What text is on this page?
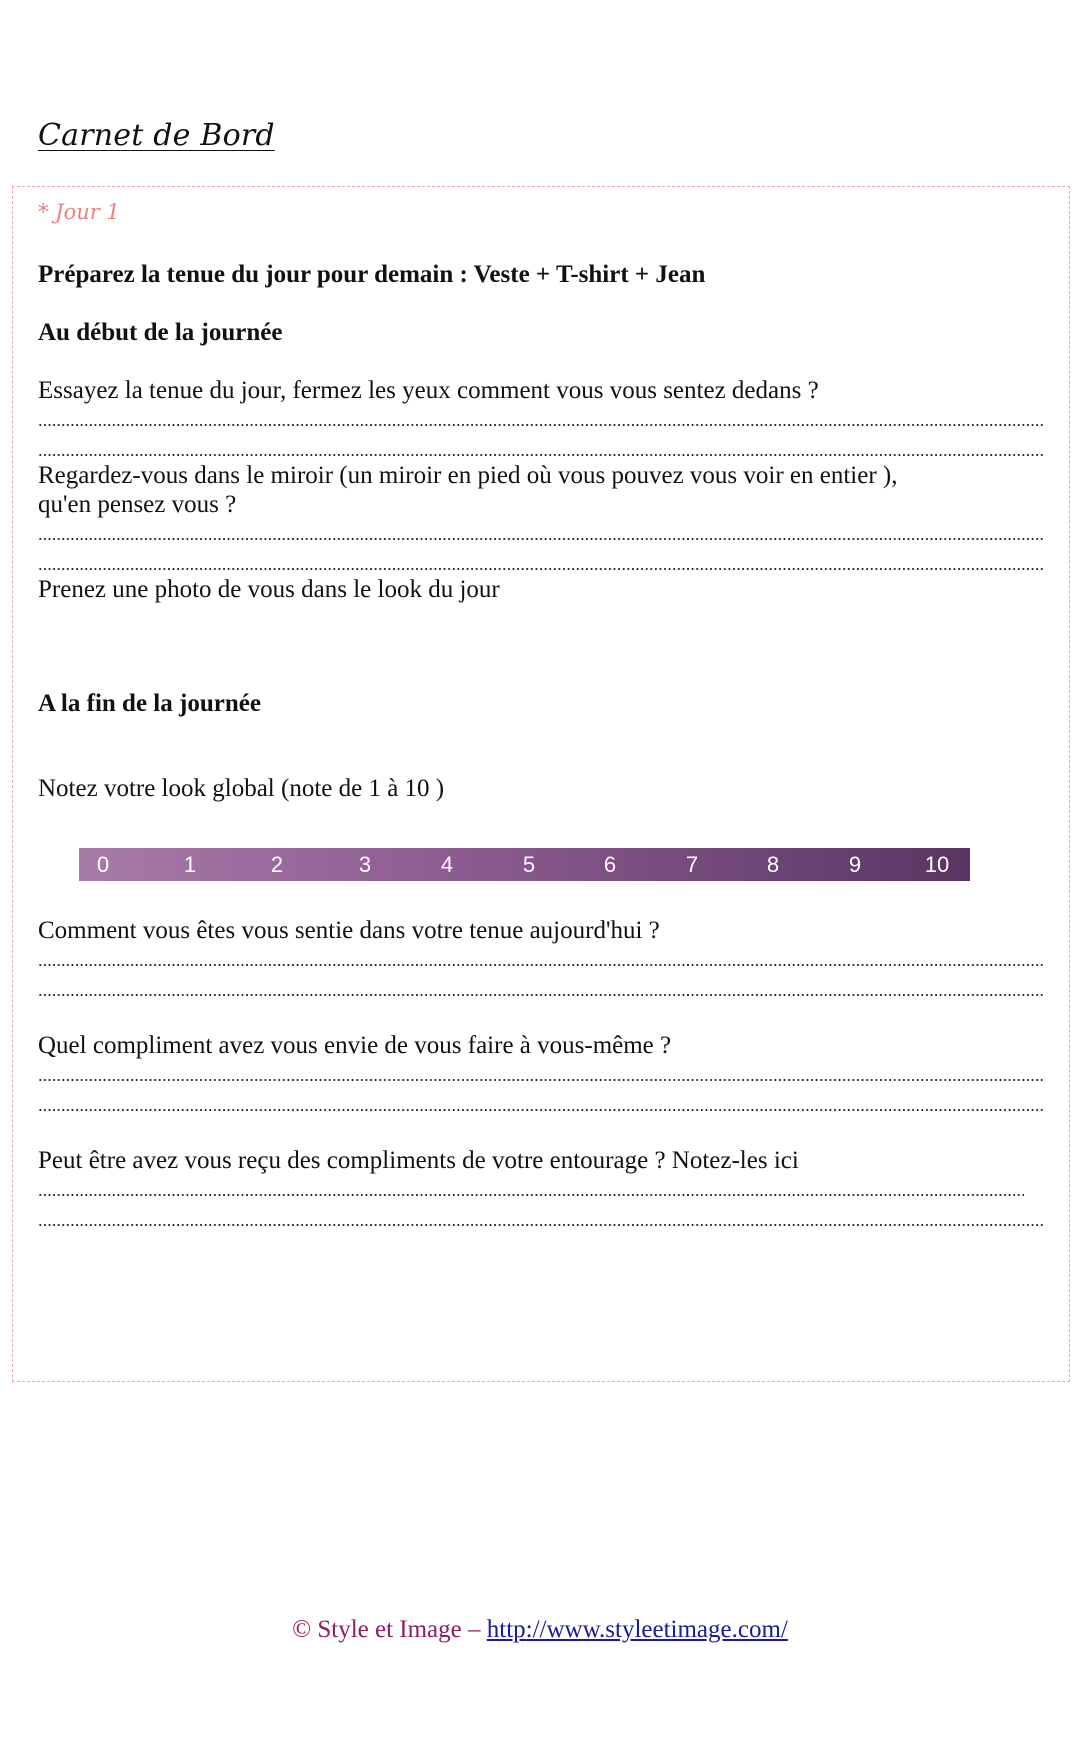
Carnet de Bord
* Jour 1
Préparez la tenue du jour pour demain : Veste + T-shirt + Jean
Au début de la journée
Essayez la tenue du jour, fermez les yeux comment vous vous sentez dedans ?
Regardez-vous dans le miroir (un miroir en pied où vous pouvez vous voir en entier ),
qu'en pensez vous ?
Prenez une photo de vous dans le look du jour
A la fin de la journée
Notez votre look global (note de 1 à 10 )
0	1	2	3	4	5	6	7	8	9	10
Comment vous êtes vous sentie dans votre tenue aujourd'hui ?
Quel compliment avez vous envie de vous faire à vous-même ?
Peut être avez vous reçu des compliments de votre entourage ? Notez-les ici
© Style et Image – http://www.styleetimage.com/
